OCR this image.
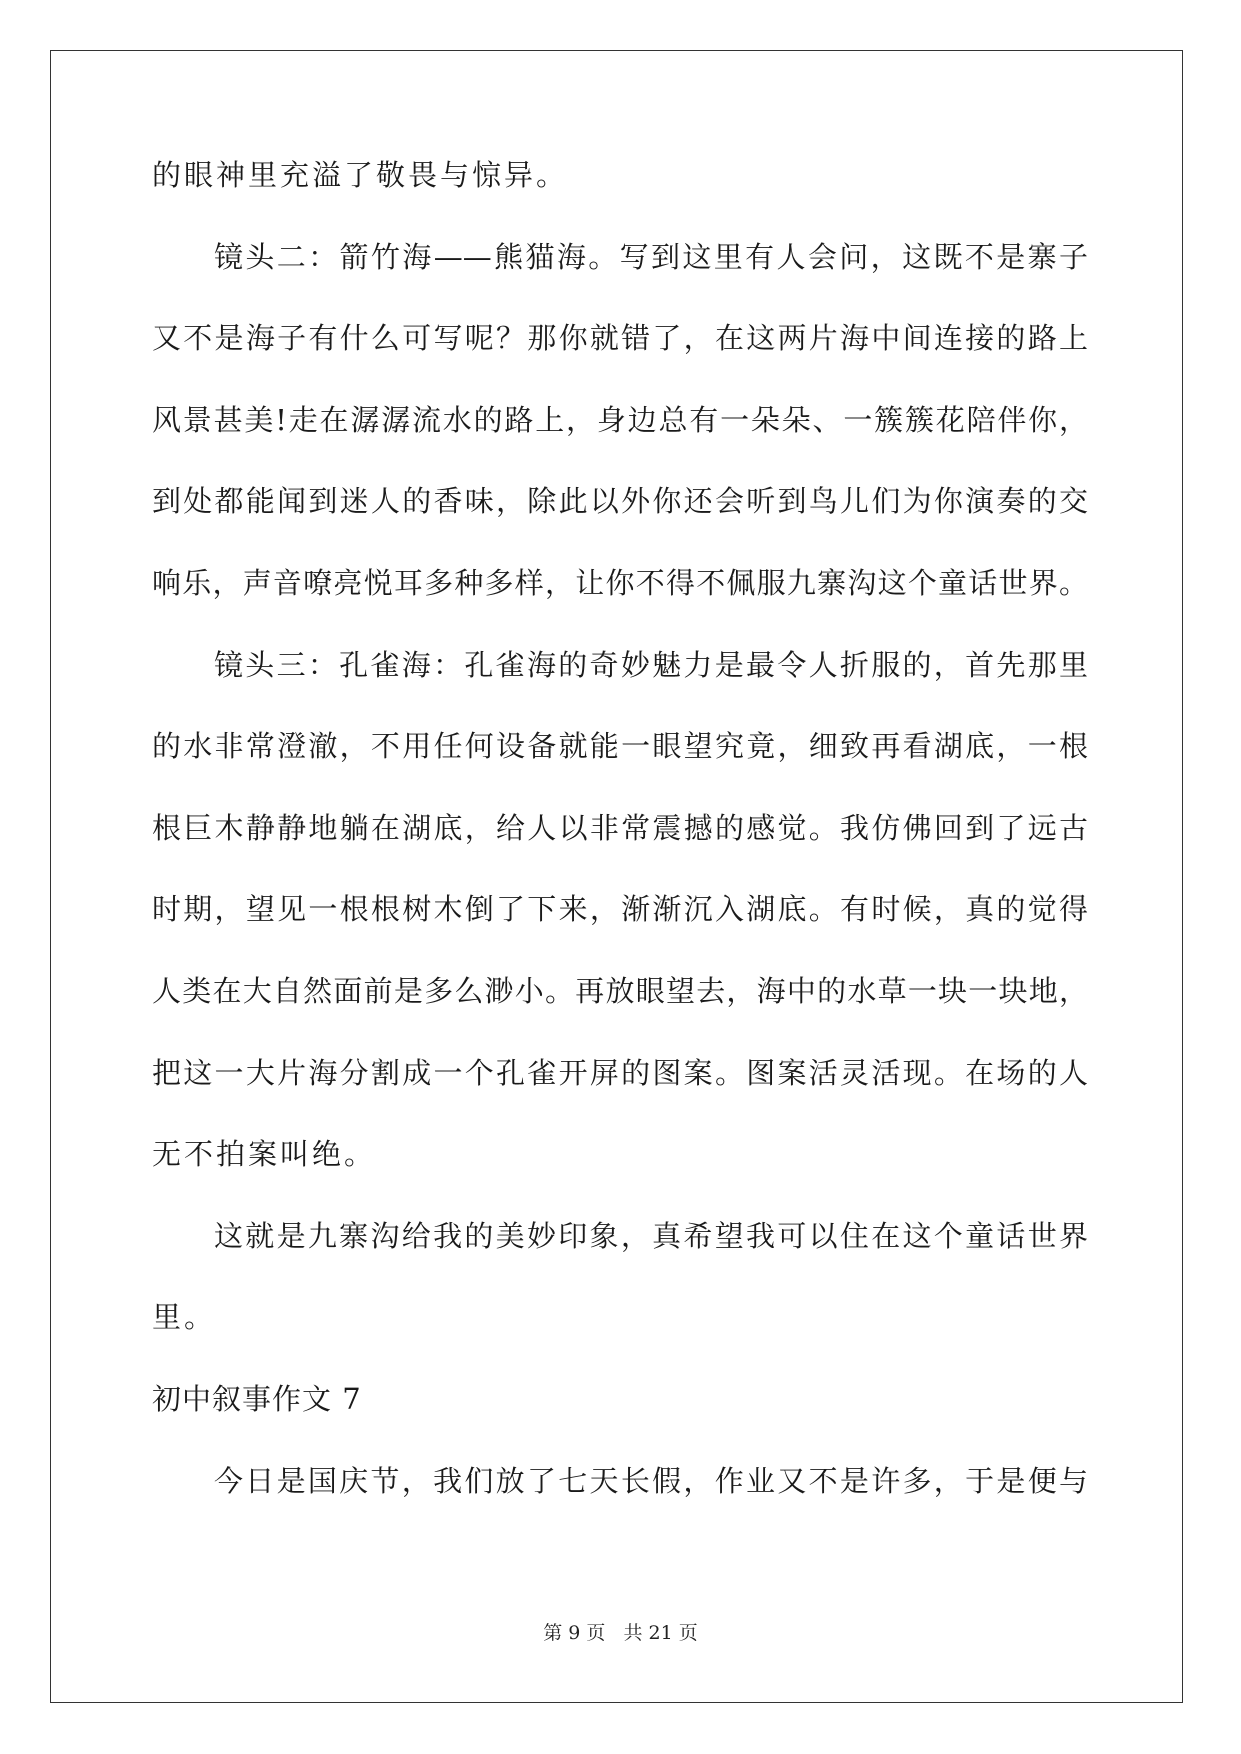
的眼神里充溢了敬畏与惊异。
镜头二：箭竹海——熊猫海。写到这里有人会问，这既不是寨子
又不是海子有什么可写呢？那你就错了，在这两片海中间连接的路上
风景甚美!走在潺潺流水的路上，身边总有一朵朵、一簇簇花陪伴你，
到处都能闻到迷人的香味，除此以外你还会听到鸟儿们为你演奏的交
响乐，声音嘹亮悦耳多种多样，让你不得不佩服九寨沟这个童话世界。
镜头三：孔雀海：孔雀海的奇妙魅力是最令人折服的，首先那里
的水非常澄澈，不用任何设备就能一眼望究竟，细致再看湖底，一根
根巨木静静地躺在湖底，给人以非常震撼的感觉。我仿佛回到了远古
时期，望见一根根树木倒了下来，渐渐沉入湖底。有时候，真的觉得
人类在大自然面前是多么渺小。再放眼望去，海中的水草一块一块地，
把这一大片海分割成一个孔雀开屏的图案。图案活灵活现。在场的人
无不拍案叫绝。
这就是九寨沟给我的美妙印象，真希望我可以住在这个童话世界
里。
初中叙事作文 7
今日是国庆节，我们放了七天长假，作业又不是许多，于是便与
第 9 页 共 21 页
